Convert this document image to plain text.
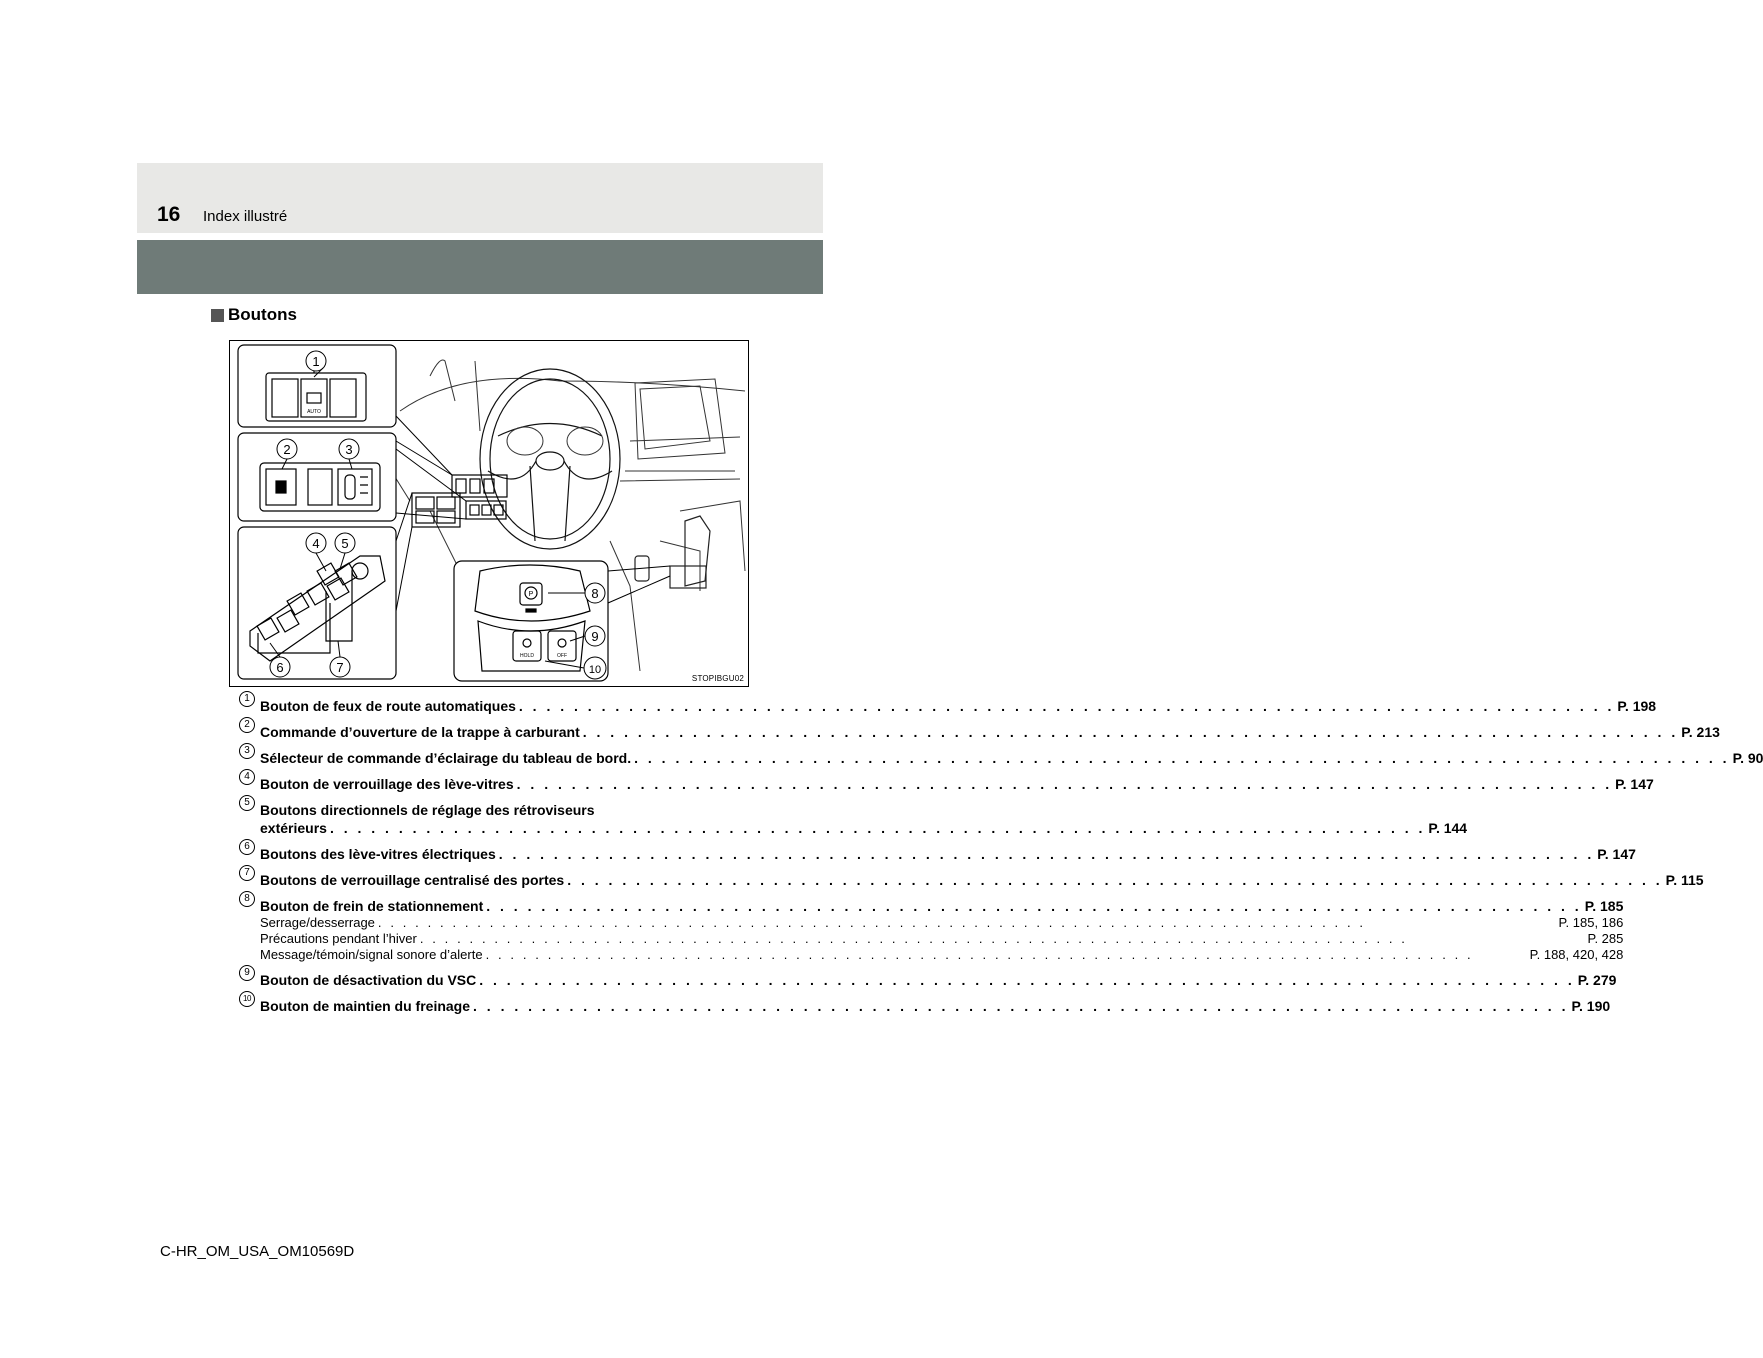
16 Index illustré
Boutons
AUTO
P
HOLD	OFF
1
2	3
4 5
6	7
8
9
10
STOPIBGU02
1 Bouton de feux de route automatiques . . . . . . . . . . . . . . . . . . . . . . . . . . . . . . . . . . . . . . . . . . . . . . . . . . . . . . . . . . . . . . . . . . . . . . . . . . . . . . . . P. 198
2 Commande d’ouverture de la trappe à carburant . . . . . . . . . . . . . . . . . . . . . . . . . . . . . . . . . . . . . . . . . . . . . . . . . . . . . . . . . . . . . . . . . . . . . . . . . . . . . . . . P. 213
3 Sélecteur de commande d’éclairage du tableau de bord. . . . . . . . . . . . . . . . . . . . . . . . . . . . . . . . . . . . . . . . . . . . . . . . . . . . . . . . . . . . . . . . . . . . . . . . . . . . . . . . . P. 90
4 Bouton de verrouillage des lève-vitres . . . . . . . . . . . . . . . . . . . . . . . . . . . . . . . . . . . . . . . . . . . . . . . . . . . . . . . . . . . . . . . . . . . . . . . . . . . . . . . . P. 147
5 Boutons directionnels de réglage des rétroviseurs
extérieurs . . . . . . . . . . . . . . . . . . . . . . . . . . . . . . . . . . . . . . . . . . . . . . . . . . . . . . . . . . . . . . . . . . . . . . . . . . . . . . . . P. 144
6 Boutons des lève-vitres électriques . . . . . . . . . . . . . . . . . . . . . . . . . . . . . . . . . . . . . . . . . . . . . . . . . . . . . . . . . . . . . . . . . . . . . . . . . . . . . . . . P. 147
7 Boutons de verrouillage centralisé des portes . . . . . . . . . . . . . . . . . . . . . . . . . . . . . . . . . . . . . . . . . . . . . . . . . . . . . . . . . . . . . . . . . . . . . . . . . . . . . . . . P. 115
8 Bouton de frein de stationnement . . . . . . . . . . . . . . . . . . . . . . . . . . . . . . . . . . . . . . . . . . . . . . . . . . . . . . . . . . . . . . . . . . . . . . . . . . . . . . . . P. 185
Serrage/desserrage . . . . . . . . . . . . . . . . . . . . . . . . . . . . . . . . . . . . . . . . . . . . . . . . . . . . . . . . . . . . . . . . . . . . . . . . . . . . . . . .	P. 185, 186
Précautions pendant l’hiver . . . . . . . . . . . . . . . . . . . . . . . . . . . . . . . . . . . . . . . . . . . . . . . . . . . . . . . . . . . . . . . . . . . . . . . . . . . . . . . .	P. 285
Message/témoin/signal sonore d’alerte . . . . . . . . . . . . . . . . . . . . . . . . . . . . . . . . . . . . . . . . . . . . . . . . . . . . . . . . . . . . . . . . . . . . . . . . . . . . . . . .	P. 188, 420, 428
9 Bouton de désactivation du VSC . . . . . . . . . . . . . . . . . . . . . . . . . . . . . . . . . . . . . . . . . . . . . . . . . . . . . . . . . . . . . . . . . . . . . . . . . . . . . . . . P. 279
10 Bouton de maintien du freinage . . . . . . . . . . . . . . . . . . . . . . . . . . . . . . . . . . . . . . . . . . . . . . . . . . . . . . . . . . . . . . . . . . . . . . . . . . . . . . . . P. 190
C-HR_OM_USA_OM10569D
